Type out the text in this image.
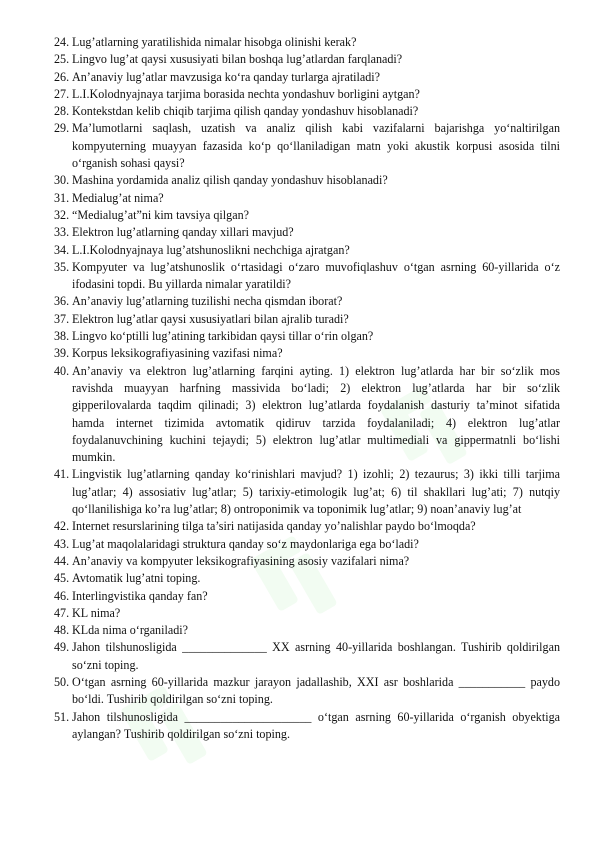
24. Lug’atlarning yaratilishida nimalar hisobga olinishi kerak?
25. Lingvo lug’at qaysi xususiyati bilan boshqa lug’atlardan farqlanadi?
26. An’anaviy lug’atlar mavzusiga ko‘ra qanday turlarga ajratiladi?
27. L.I.Kolodnyajnaya tarjima borasida nechta yondashuv borligini aytgan?
28. Kontekstdan kelib chiqib tarjima qilish qanday yondashuv hisoblanadi?
29. Ma’lumotlarni saqlash, uzatish va analiz qilish kabi vazifalarni bajarishga yo‘naltirilgan kompyuterning muayyan fazasida ko‘p qo‘llaniladigan matn yoki akustik korpusi asosida tilni o‘rganish sohasi qaysi?
30. Mashina yordamida analiz qilish qanday yondashuv hisoblanadi?
31. Medialug’at nima?
32. “Medialug’at”ni kim tavsiya qilgan?
33. Elektron lug’atlarning qanday xillari mavjud?
34. L.I.Kolodnyajnaya lug’atshunoslikni nechchiga ajratgan?
35. Kompyuter va lug’atshunoslik o‘rtasidagi o‘zaro muvofiqlashuv o‘tgan asrning 60-yillarida o‘z ifodasini topdi. Bu yillarda nimalar yaratildi?
36. An’anaviy lug’atlarning tuzilishi necha qismdan iborat?
37. Elektron lug’atlar qaysi xususiyatlari bilan ajralib turadi?
38. Lingvo ko‘ptilli lug’atining tarkibidan qaysi tillar o‘rin olgan?
39. Korpus leksikografiyasining vazifasi nima?
40. An’anaviy va elektron lug’atlarning farqini ayting. 1) elektron lug’atlarda har bir so‘zlik mos ravishda muayyan harfning massivida bo‘ladi; 2) elektron lug’atlarda har bir so‘zlik gipperilovalarda taqdim qilinadi; 3) elektron lug’atlarda foydalanish dasturiy ta’minot sifatida hamda internet tizimida avtomatik qidiruv tarzida foydalaniladi; 4) elektron lug’atlar foydalanuvchining kuchini tejaydi; 5) elektron lug’atlar multimediali va gippermatnli bo‘lishi mumkin.
41. Lingvistik lug’atlarning qanday ko‘rinishlari mavjud? 1) izohli; 2) tezaurus; 3) ikki tilli tarjima lug’atlar; 4) assosiativ lug’atlar; 5) tarixiy-etimologik lug’at; 6) til shakllari lug’ati; 7) nutqiy qo‘llanilishiga ko’ra lug’atlar; 8) ontroponimik va toponimik lug’atlar; 9) noan’anaviy lug’at
42. Internet resurslarining tilga ta’siri natijasida qanday yo’nalishlar paydo bo‘lmoqda?
43. Lug’at maqolalaridagi struktura qanday so‘z maydonlariga ega bo‘ladi?
44. An’anaviy va kompyuter leksikografiyasining asosiy vazifalari nima?
45. Avtomatik lug’atni toping.
46. Interlingvistika qanday fan?
47. KL nima?
48. KLda nima o‘rganiladi?
49. Jahon tilshunosligida ______________ XX asrning 40-yillarida boshlangan. Tushirib qoldirilgan so‘zni toping.
50. O‘tgan asrning 60-yillarida mazkur jarayon jadallashib, XXI asr boshlarida ___________ paydo bo‘ldi. Tushirib qoldirilgan so‘zni toping.
51. Jahon tilshunosligida _____________________ o‘tgan asrning 60-yillarida o‘rganish obyektiga aylangan? Tushirib qoldirilgan so‘zni toping.
